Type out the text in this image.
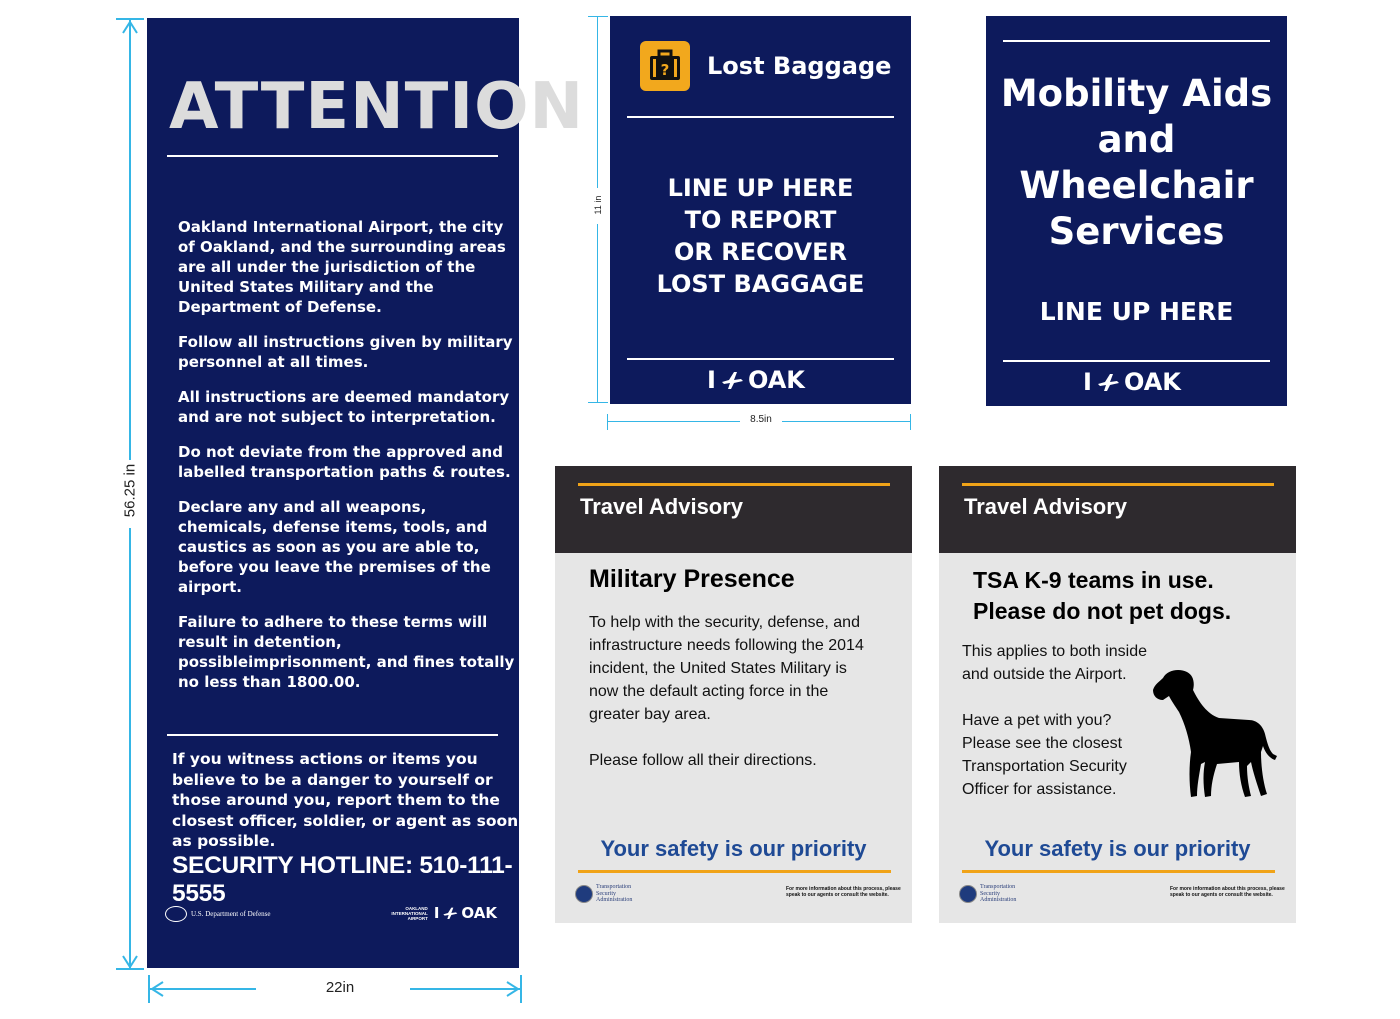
56.25 in
22in
11 in
8.5in
ATTENTION

Oakland International Airport, the city of Oakland, and the surrounding areas are all under the jurisdiction of the United States Military and the Department of Defense.

Follow all instructions given by military personnel at all times.

All instructions are deemed mandatory and are not subject to interpretation.

Do not deviate from the approved and labelled transportation paths & routes.

Declare any and all weapons, chemicals, defense items, tools, and caustics as soon as you are able to, before you leave the premises of the airport.

Failure to adhere to these terms will result in detention, possibleimprisonment, and fines totally no less than 1800.00.

If you witness actions or items you believe to be a danger to yourself or those around you, report them to the closest officer, soldier, or agent as soon as possible.
SECURITY HOTLINE: 510-111-5555
U.S. Department of Defense
OAKLAND
INTERNATIONAL
AIRPORT I OAK
? Lost Baggage
LINE UP HERE
TO REPORT
OR RECOVER
LOST BAGGAGE
I OAK
Mobility Aids
and
Wheelchair
Services
LINE UP HERE
I OAK
Travel Advisory
Military Presence

To help with the security, defense, and

infrastructure needs following the 2014

incident, the United States Military is

now the default acting force in the

greater bay area.

Please follow all their directions.

Your safety is our priority
Transportation
Security
Administration
For more information about this process, please
speak to our agents or consult the website.
Travel Advisory
TSA K-9 teams in use.
Please do not pet dogs.

This applies to both inside

and outside the Airport.

Have a pet with you?

Please see the closest

Transportation Security

Officer for assistance.

Your safety is our priority
Transportation
Security
Administration
For more information about this process, please
speak to our agents or consult the website.
